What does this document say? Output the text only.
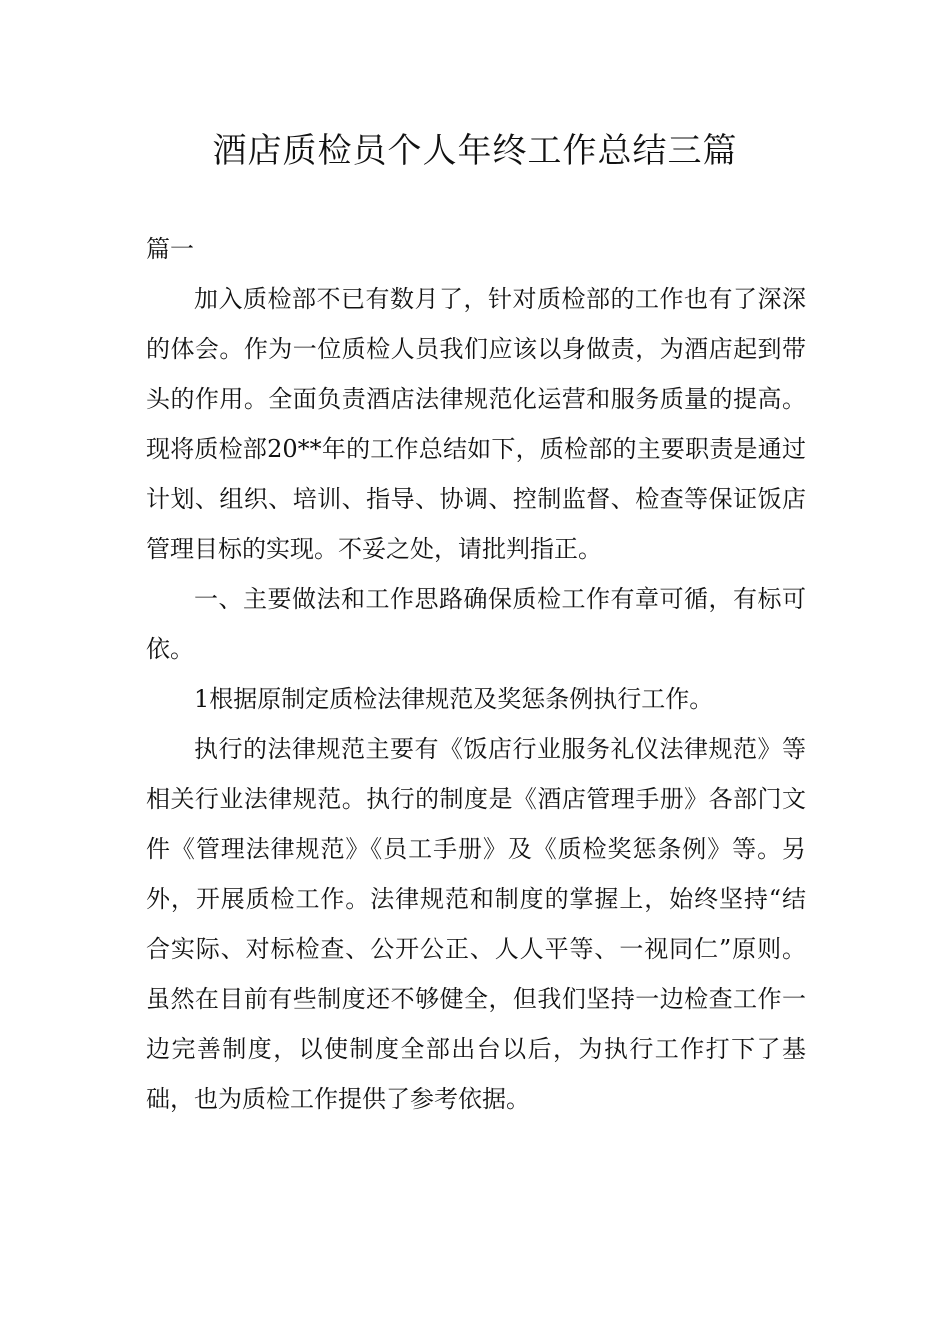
酒店质检员个人年终工作总结三篇

篇一

加入质检部不已有数月了，针对质检部的工作也有了深深的体会。作为一位质检人员我们应该以身做责，为酒店起到带头的作用。全面负责酒店法律规范化运营和服务质量的提高。现将质检部20**年的工作总结如下，质检部的主要职责是通过计划、组织、培训、指导、协调、控制监督、检查等保证饭店管理目标的实现。不妥之处，请批判指正。

一、主要做法和工作思路确保质检工作有章可循，有标可依。

1根据原制定质检法律规范及奖惩条例执行工作。

执行的法律规范主要有《饭店行业服务礼仪法律规范》等相关行业法律规范。执行的制度是《酒店管理手册》各部门文件《管理法律规范》《员工手册》及《质检奖惩条例》等。另外，开展质检工作。法律规范和制度的掌握上，始终坚持“结合实际、对标检查、公开公正、人人平等、一视同仁”原则。虽然在目前有些制度还不够健全，但我们坚持一边检查工作一边完善制度，以使制度全部出台以后，为执行工作打下了基础，也为质检工作提供了参考依据。
